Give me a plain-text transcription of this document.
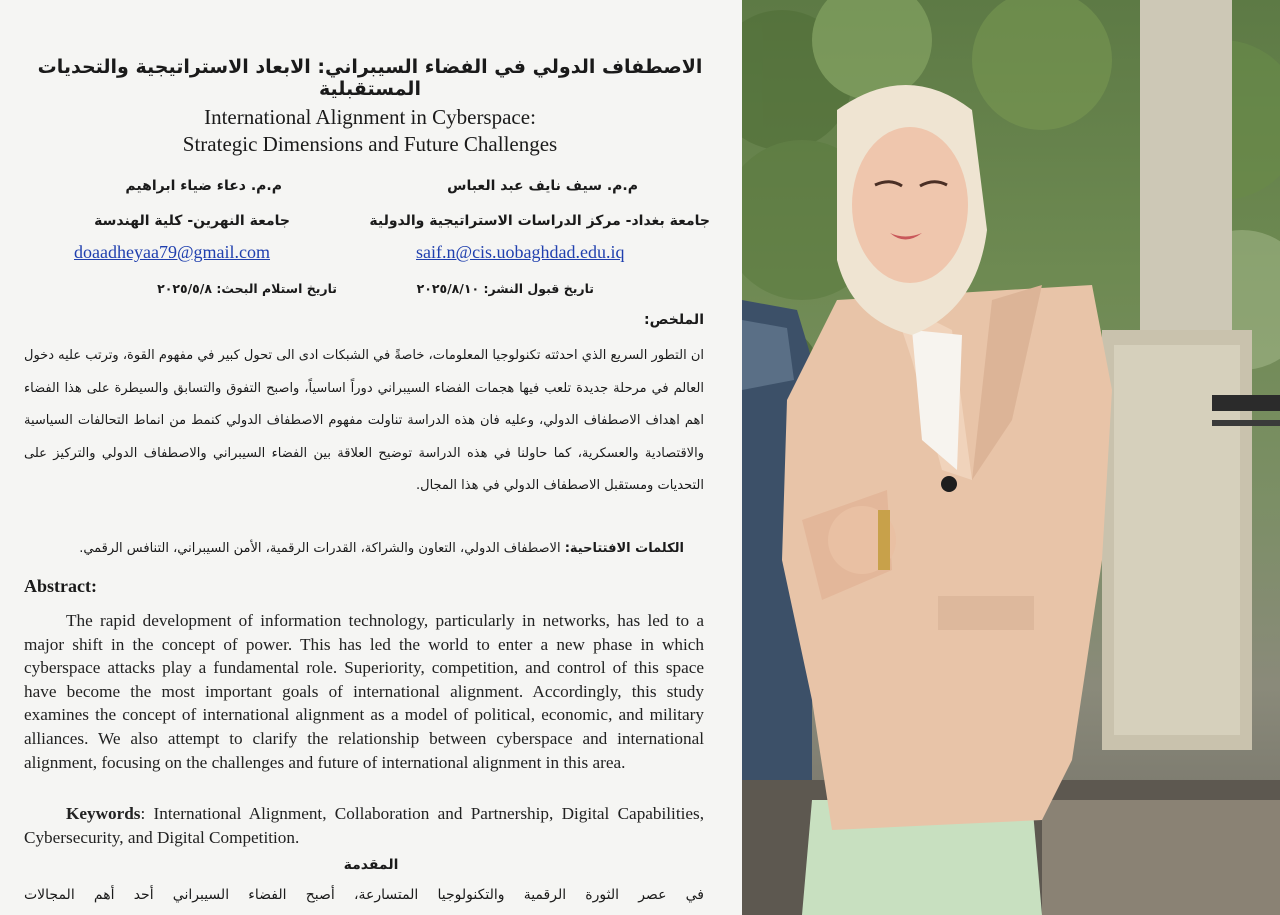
الاصطفاف الدولي في الفضاء السيبراني: الابعاد الاستراتيجية والتحديات المستقبلية
International Alignment in Cyberspace:
Strategic Dimensions and Future Challenges
م.م. سيف نايف عبد العباس
جامعة بغداد- مركز الدراسات الاستراتيجية والدولية
saif.n@cis.uobaghdad.edu.iq
تاريخ استلام البحث: ٢٠٢٥/٥/٨
م.م. دعاء ضياء ابراهيم
جامعة النهرين- كلية الهندسة
doaadheyaa79@gmail.com
تاريخ قبول النشر: ٢٠٢٥/٨/١٠
الملخص:
ان التطور السريع الذي احدثته تكنولوجيا المعلومات، خاصةً في الشبكات ادى الى تحول كبير في مفهوم القوة، وترتب عليه دخول العالم في مرحلة جديدة تلعب فيها هجمات الفضاء السيبراني دوراً اساسياً، واصبح التفوق والتسابق والسيطرة على هذا الفضاء اهم اهداف الاصطفاف الدولي، وعليه فان هذه الدراسة تناولت مفهوم الاصطفاف الدولي كنمط من انماط التحالفات السياسية والاقتصادية والعسكرية، كما حاولنا في هذه الدراسة توضيح العلاقة بين الفضاء السيبراني والاصطفاف الدولي والتركيز على التحديات ومستقبل الاصطفاف الدولي في هذا المجال.
الكلمات الافتتاحية: الاصطفاف الدولي، التعاون والشراكة، القدرات الرقمية، الأمن السيبراني، التنافس الرقمي.
Abstract:
The rapid development of information technology, particularly in networks, has led to a major shift in the concept of power. This has led the world to enter a new phase in which cyberspace attacks play a fundamental role. Superiority, competition, and control of this space have become the most important goals of international alignment. Accordingly, this study examines the concept of international alignment as a model of political, economic, and military alliances. We also attempt to clarify the relationship between cyberspace and international alignment, focusing on the challenges and future of international alignment in this area.
Keywords: International Alignment, Collaboration and Partnership, Digital Capabilities, Cybersecurity, and Digital Competition.
المقدمة
في عصر الثورة الرقمية والتكنولوجيا المتسارعة، أصبح الفضاء السيبراني أحد أهم المجالات
